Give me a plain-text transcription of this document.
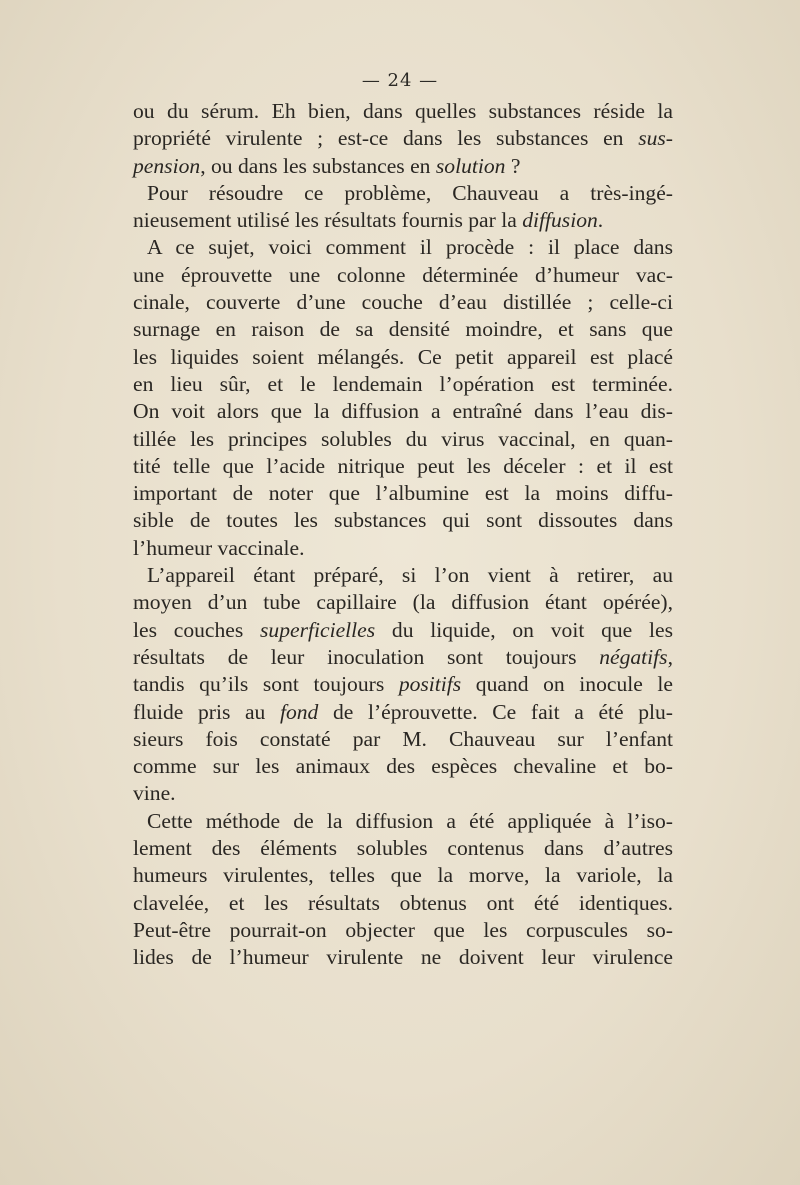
— 24 —
ou du sérum. Eh bien, dans quelles substances réside la
propriété virulente ; est-ce dans les substances en sus-
pension, ou dans les substances en solution ?
Pour résoudre ce problème, Chauveau a très-ingé-
nieusement utilisé les résultats fournis par la diffusion.
A ce sujet, voici comment il procède : il place dans
une éprouvette une colonne déterminée d’humeur vac-
cinale, couverte d’une couche d’eau distillée ; celle-ci
surnage en raison de sa densité moindre, et sans que
les liquides soient mélangés. Ce petit appareil est placé
en lieu sûr, et le lendemain l’opération est terminée.
On voit alors que la diffusion a entraîné dans l’eau dis-
tillée les principes solubles du virus vaccinal, en quan-
tité telle que l’acide nitrique peut les déceler : et il est
important de noter que l’albumine est la moins diffu-
sible de toutes les substances qui sont dissoutes dans
l’humeur vaccinale.
L’appareil étant préparé, si l’on vient à retirer, au
moyen d’un tube capillaire (la diffusion étant opérée),
les couches superficielles du liquide, on voit que les
résultats de leur inoculation sont toujours négatifs,
tandis qu’ils sont toujours positifs quand on inocule le
fluide pris au fond de l’éprouvette. Ce fait a été plu-
sieurs fois constaté par M. Chauveau sur l’enfant
comme sur les animaux des espèces chevaline et bo-
vine.
Cette méthode de la diffusion a été appliquée à l’iso-
lement des éléments solubles contenus dans d’autres
humeurs virulentes, telles que la morve, la variole, la
clavelée, et les résultats obtenus ont été identiques.
Peut-être pourrait-on objecter que les corpuscules so-
lides de l’humeur virulente ne doivent leur virulence
